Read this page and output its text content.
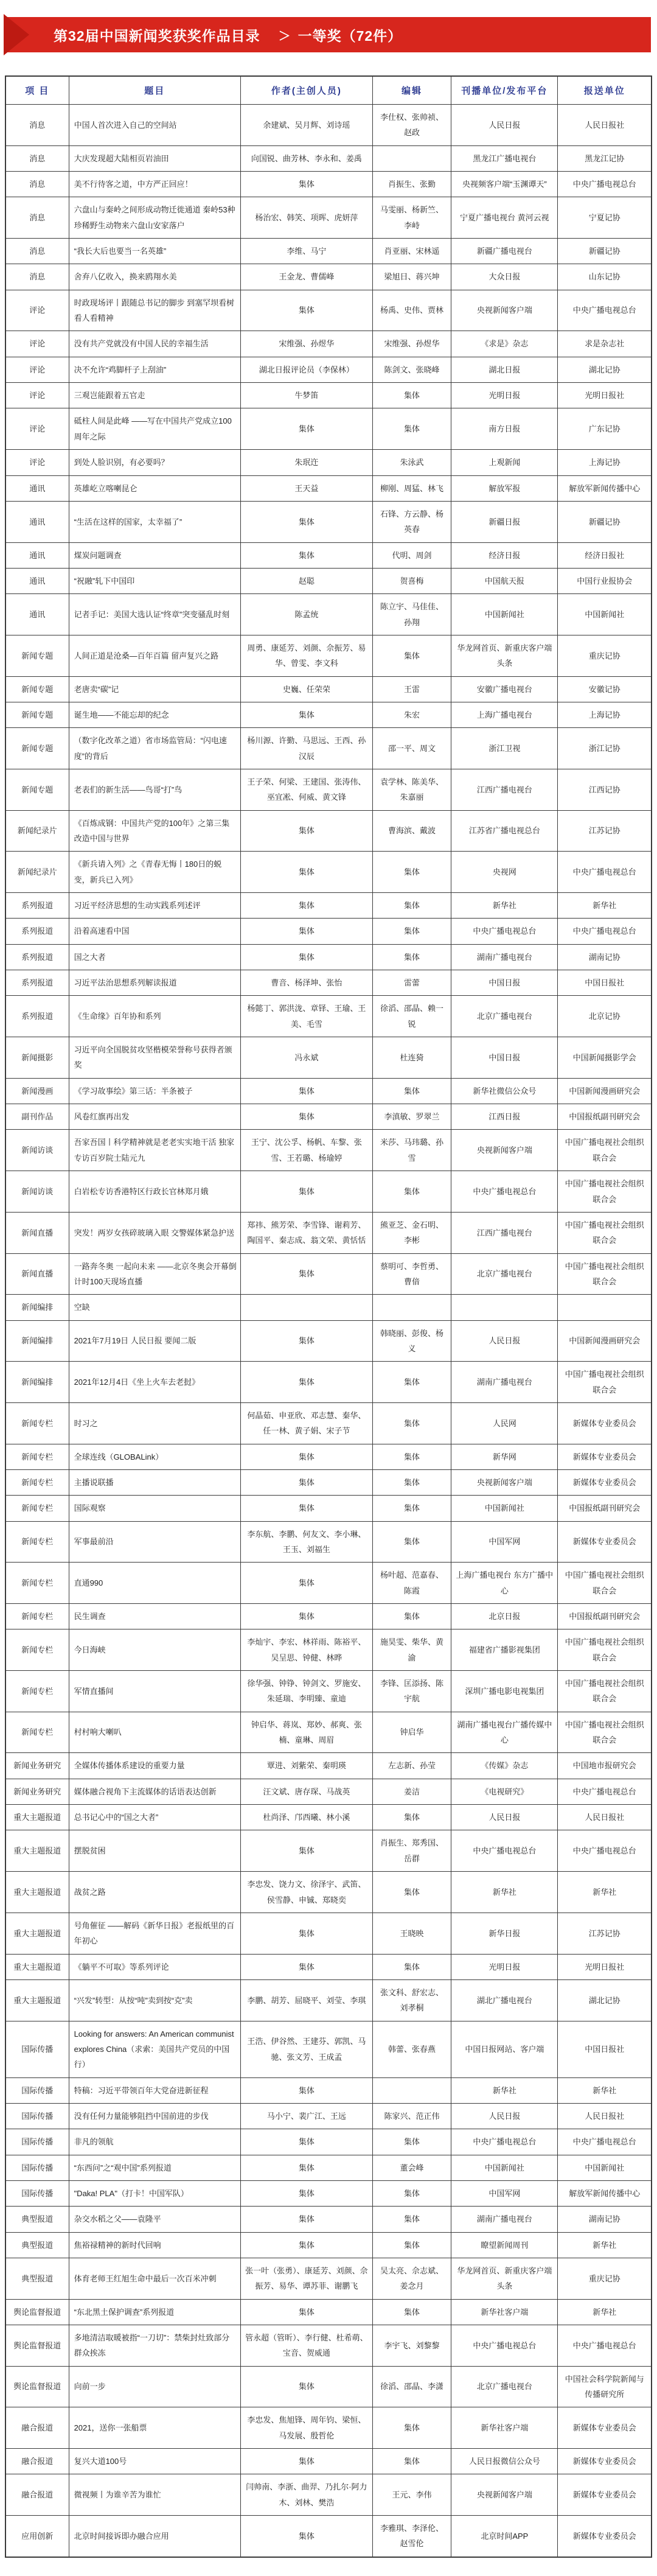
第32届中国新闻奖获奖作品目录 ＞ 一等奖（72件）
项 目	题目	作者(主创人员)	编辑	刊播单位/发布平台	报送单位
消息	中国人首次进入自己的空间站	余建斌、吴月辉、刘诗瑶	李仕权、张帅祯、赵政	人民日报	人民日报社
消息	大庆发现超大陆相页岩油田	向国锐、曲芳林、李永和、姜禹		黑龙江广播电视台	黑龙江记协
消息	美不行待客之道，中方严正回应！	集体	肖振生、张勤	央视频客户端“玉渊谭天”	中央广播电视总台
消息	六盘山与秦岭之间形成动物迁徙通道 秦岭53种珍稀野生动物来六盘山安家落户	杨治宏、韩笑、项晖、虎妍萍	马雯丽、杨新竺、李峙	宁夏广播电视台 黄河云视	宁夏记协
消息	“我长大后也要当一名英雄”	李维、马宁	肖亚丽、宋林遥	新疆广播电视台	新疆记协
消息	舍弃八亿收入，换来鸥翔水美	王金龙、曹儒峰	梁旭日、蒋兴坤	大众日报	山东记协
评论	时政现场评丨跟随总书记的脚步 到塞罕坝看树看人看精神	集体	杨禹、史伟、贾林	央视新闻客户端	中央广播电视总台
评论	没有共产党就没有中国人民的幸福生活	宋维强、孙煜华	宋维强、孙煜华	《求是》杂志	求是杂志社
评论	决不允许“鸡脚杆子上刮油”	湖北日报评论员（李保林）	陈剑文、张晓峰	湖北日报	湖北记协
评论	三观岂能跟着五官走	牛梦笛	集体	光明日报	光明日报社
评论	砥柱人间是此峰 ——写在中国共产党成立100周年之际	集体	集体	南方日报	广东记协
评论	到处人脸识别，有必要吗？	朱珉迕	朱泳武	上观新闻	上海记协
通讯	英雄屹立喀喇昆仑	王天益	柳刚、周猛、林飞	解放军报	解放军新闻传播中心
通讯	“生活在这样的国家，太幸福了”	集体	石锋、方云静、杨英春	新疆日报	新疆记协
通讯	煤炭问题调查	集体	代明、周剑	经济日报	经济日报社
通讯	“祝融”轧下中国印	赵聪	贺喜梅	中国航天报	中国行业报协会
通讯	记者手记：美国大选认证“终章”突变骚乱时刻	陈孟统	陈立宇、马佳佳、孙翔	中国新闻社	中国新闻社
新闻专题	人间正道是沧桑—百年百篇 留声复兴之路	周勇、康延芳、刘颜、佘振芳、易华、曾雯、李文科	集体	华龙网首页、新重庆客户端头条	重庆记协
新闻专题	老唐卖“碳”记	史巍、任荣荣	王雷	安徽广播电视台	安徽记协
新闻专题	诞生地——不能忘却的纪念	集体	朱宏	上海广播电视台	上海记协
新闻专题	（数字化改革之道）省市场监管局：“闪电速度”的背后	杨川源、许勤、马思远、王西、孙汉辰	邵一平、周文	浙江卫视	浙江记协
新闻专题	老表们的新生活——鸟哥“打”鸟	王子荣、何梁、王建国、张涛伟、巫宜凇、何威、黄文锋	袁学林、陈美华、朱嘉丽	江西广播电视台	江西记协
新闻纪录片	《百炼成钢：中国共产党的100年》之第三集 改造中国与世界	集体	曹海滨、戴波	江苏省广播电视总台	江苏记协
新闻纪录片	《新兵请入列》之《青春无悔丨180日的蜕变，新兵已入列》	集体	集体	央视网	中央广播电视总台
系列报道	习近平经济思想的生动实践系列述评	集体	集体	新华社	新华社
系列报道	沿着高速看中国	集体	集体	中央广播电视总台	中央广播电视总台
系列报道	国之大者	集体	集体	湖南广播电视台	湖南记协
系列报道	习近平法治思想系列解读报道	曹音、杨泽坤、张怡	雷蕾	中国日报	中国日报社
系列报道	《生命缘》百年协和系列	杨懿丁、郭洪泷、章铎、王瑜、王美、毛雪	徐滔、邵晶、赖一锐	北京广播电视台	北京记协
新闻摄影	习近平向全国脱贫攻坚楷模荣誉称号获得者颁奖	冯永斌	杜连猗	中国日报	中国新闻摄影学会
新闻漫画	《学习故事绘》第三话：半条被子	集体	集体	新华社微信公众号	中国新闻漫画研究会
副刊作品	风卷红旗再出发	集体	李滇敏、罗翠兰	江西日报	中国报纸副刊研究会
新闻访谈	吾家吾国丨科学精神就是老老实实地干活 独家专访百岁院士陆元九	王宁、沈公孚、杨帆、车黎、张雪、王若璐、杨瑜婷	米莎、马玮璐、孙雪	央视新闻客户端	中国广播电视社会组织联合会
新闻访谈	白岩松专访香港特区行政长官林郑月娥	集体	集体	中央广播电视总台	中国广播电视社会组织联合会
新闻直播	突发！两岁女孩碎玻璃入眼 交警媒体紧急护送	郑祎、熊芳荣、李雪锋、谢莉芳、陶国平、秦志成、翁文荣、黄恬恬	熊亚芝、金石明、李彬	江西广播电视台	中国广播电视社会组织联合会
新闻直播	一路奔冬奥 一起向未来 ——北京冬奥会开幕倒计时100天现场直播	集体	蔡明可、李哲勇、曹偣	北京广播电视台	中国广播电视社会组织联合会
新闻编排	空缺				
新闻编排	2021年7月19日 人民日报 要闻二版	集体	韩晓丽、彭俊、杨义	人民日报	中国新闻漫画研究会
新闻编排	2021年12月4日《坐上火车去老挝》	集体	集体	湖南广播电视台	中国广播电视社会组织联合会
新闻专栏	时习之	何晶茹、申亚欣、邓志慧、秦华、任一林、黄子娟、宋子节	集体	人民网	新媒体专业委员会
新闻专栏	全球连线（GLOBALink）	集体	集体	新华网	新媒体专业委员会
新闻专栏	主播说联播	集体	集体	央视新闻客户端	新媒体专业委员会
新闻专栏	国际观察	集体	集体	中国新闻社	中国报纸副刊研究会
新闻专栏	军事最前沿	李东航、李鹏、何友文、李小琳、王玉、刘福生	集体	中国军网	新媒体专业委员会
新闻专栏	直通990	集体	杨叶超、范嘉春、陈霞	上海广播电视台 东方广播中心	中国广播电视社会组织联合会
新闻专栏	民生调查	集体	集体	北京日报	中国报纸副刊研究会
新闻专栏	今日海峡	李灿宇、李宏、林祥雨、陈裕平、吴呈思、钟健、林晔	施昊雯、柴华、黄渝	福建省广播影视集团	中国广播电视社会组织联合会
新闻专栏	军情直播间	徐华强、钟铮、钟剑文、罗施安、朱延瑞、李明臻、童迪	李锋、匡添扬、陈宇航	深圳广播电影电视集团	中国广播电视社会组织联合会
新闻专栏	村村响大喇叭	钟启华、蒋岚、郑妙、郝爽、张楠、童琳、周眉	钟启华	湖南广播电视台广播传媒中心	中国广播电视社会组织联合会
新闻业务研究	全媒体传播体系建设的重要力量	覃进、刘紫荣、秦明瑛	左志新、孙莹	《传媒》杂志	中国地市报研究会
新闻业务研究	媒体融合视角下主流媒体的话语表达创新	汪文斌、唐存琛、马战英	姜洁	《电视研究》	中央广播电视总台
重大主题报道	总书记心中的“国之大者”	杜尚泽、邝西曦、林小溪	集体	人民日报	人民日报社
重大主题报道	摆脱贫困	集体	肖振生、郑秀国、岳群	中央广播电视总台	中央广播电视总台
重大主题报道	战贫之路	李忠发、饶力文、徐泽宇、武笛、侯雪静、申铖、郑晓奕	集体	新华社	新华社
重大主题报道	号角催征 ——解码《新华日报》老报纸里的百年初心	集体	王晓映	新华日报	江苏记协
重大主题报道	《躺平不可取》等系列评论	集体	集体	光明日报	光明日报社
重大主题报道	“兴发”转型：从按“吨”卖到按“克”卖	李鹏、胡芳、屈晓平、刘莹、李琪	张文科、舒宏志、刘孝桐	湖北广播电视台	湖北记协
国际传播	Looking for answers: An American communist explores China（求索：美国共产党员的中国行）	王浩、伊谷然、王建芬、郭凯、马驰、张文芳、王成孟	韩蕾、张春燕	中国日报网站、客户端	中国日报社
国际传播	特稿：习近平带领百年大党奋进新征程	集体		新华社	新华社
国际传播	没有任何力量能够阻挡中国前进的步伐	马小宁、裴广江、王远	陈家兴、范正伟	人民日报	人民日报社
国际传播	非凡的领航	集体	集体	中央广播电视总台	中央广播电视总台
国际传播	“东西问”之“观中国”系列报道	集体	董会峰	中国新闻社	中国新闻社
国际传播	"Daka! PLA"（打卡！中国军队）	集体	集体	中国军网	解放军新闻传播中心
典型报道	杂交水稻之父——袁隆平	集体	集体	湖南广播电视台	湖南记协
典型报道	焦裕禄精神的新时代回响	集体	集体	瞭望新闻周刊	新华社
典型报道	体育老师王红旭生命中最后一次百米冲刺	张一叶（张勇）、康延芳、刘颜、佘振芳、易华、谭苏菲、谢鹏飞	吴太亮、佘志斌、姜念月	华龙网首页、新重庆客户端头条	重庆记协
舆论监督报道	“东北黑土保护调查”系列报道	集体	集体	新华社客户端	新华社
舆论监督报道	多地清洁取暖被指“一刀切”：禁柴封灶致部分群众挨冻	管永超（管昕）、李行健、杜希萌、宝音、贺威通	李宇飞、刘黎黎	中央广播电视总台	中央广播电视总台
舆论监督报道	向前一步	集体	徐滔、邵晶、李潇	北京广播电视台	中国社会科学院新闻与传播研究所
融合报道	2021，送你一张船票	李忠发、焦旭锋、周年钧、梁恒、马发展、殷哲伦	集体	新华社客户端	新媒体专业委员会
融合报道	复兴大道100号	集体	集体	人民日报微信公众号	新媒体专业委员会
融合报道	微视频丨为谁辛苦为谁忙	闫帅南、李浙、曲羿、乃扎尔·阿力木、刘林、樊浩	王元、李伟	央视新闻客户端	新媒体专业委员会
应用创新	北京时间接诉即办融合应用	集体	李雅琪、李泽伦、赵雪伦	北京时间APP	新媒体专业委员会
